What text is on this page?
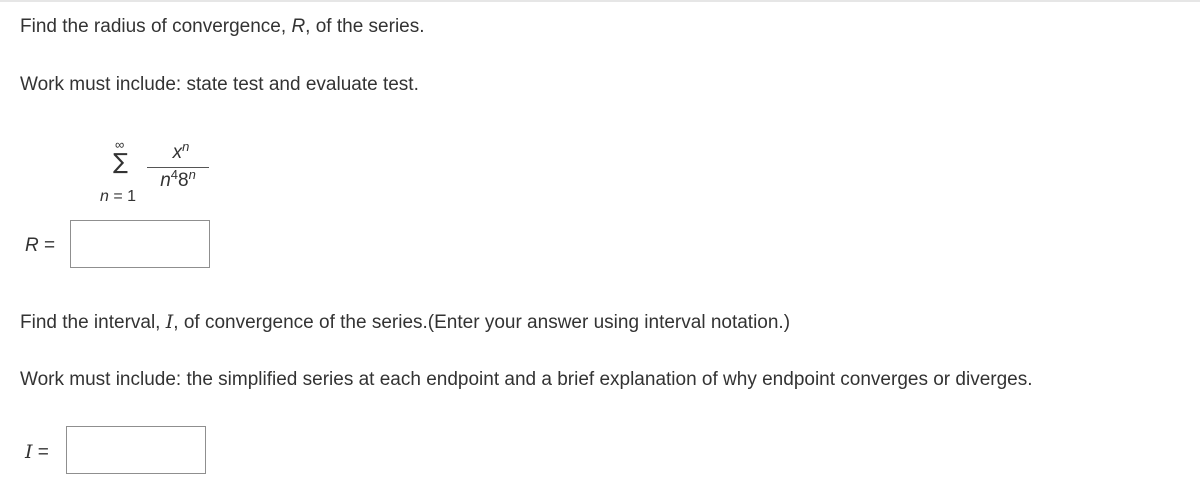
Find the radius of convergence, R, of the series.
Work must include: state test and evaluate test.
∞
∑
n = 1
$x^n$
$n^48^n$
R =
Find the interval, I, of convergence of the series.(Enter your answer using interval notation.)
Work must include: the simplified series at each endpoint and a brief explanation of why endpoint converges or diverges.
I =
